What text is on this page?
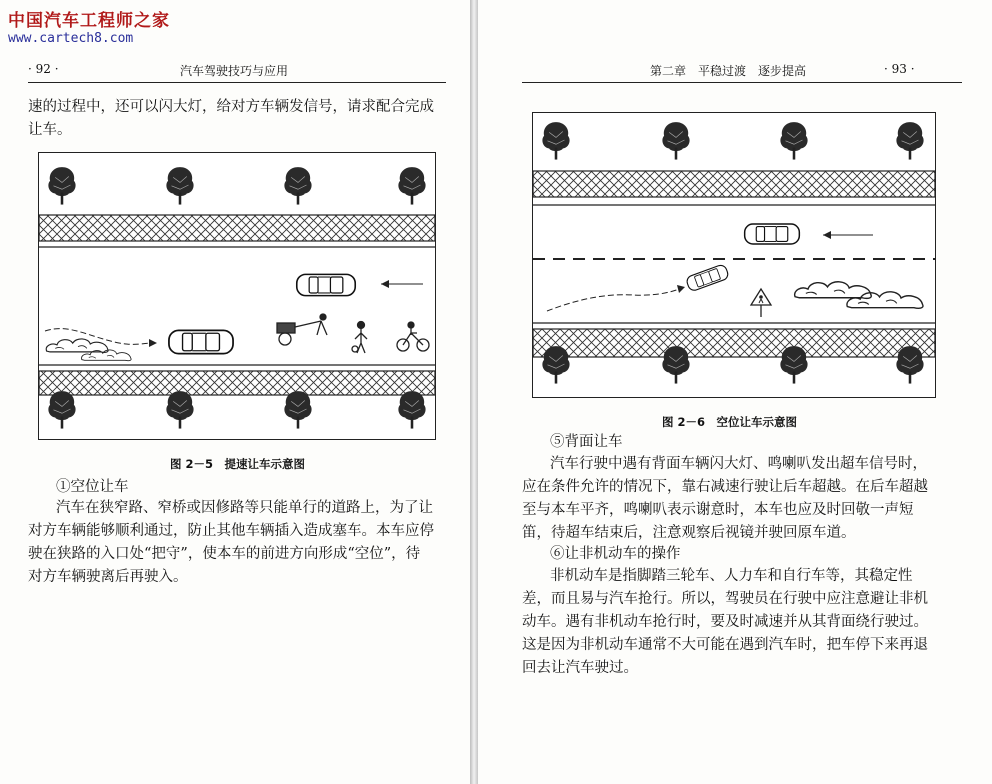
中国汽车工程师之家
www.cartech8.com
· 92 ·	汽车驾驶技巧与应用
速的过程中，还可以闪大灯，给对方车辆发信号，请求配合完成
让车。
图 2－5　提速让车示意图
①空位让车
汽车在狭窄路、窄桥或因修路等只能单行的道路上，为了让
对方车辆能够顺利通过，防止其他车辆插入造成塞车。本车应停
驶在狭路的入口处“把守”，使本车的前进方向形成“空位”，待
对方车辆驶离后再驶入。
第二章　平稳过渡　逐步提高	· 93 ·
图 2－6　空位让车示意图
⑤背面让车
汽车行驶中遇有背面车辆闪大灯、鸣喇叭发出超车信号时，
应在条件允许的情况下，靠右减速行驶让后车超越。在后车超越
至与本车平齐，鸣喇叭表示谢意时，本车也应及时回敬一声短
笛，待超车结束后，注意观察后视镜并驶回原车道。
⑥让非机动车的操作
非机动车是指脚踏三轮车、人力车和自行车等，其稳定性
差，而且易与汽车抢行。所以，驾驶员在行驶中应注意避让非机
动车。遇有非机动车抢行时，要及时减速并从其背面绕行驶过。
这是因为非机动车通常不大可能在遇到汽车时，把车停下来再退
回去让汽车驶过。
